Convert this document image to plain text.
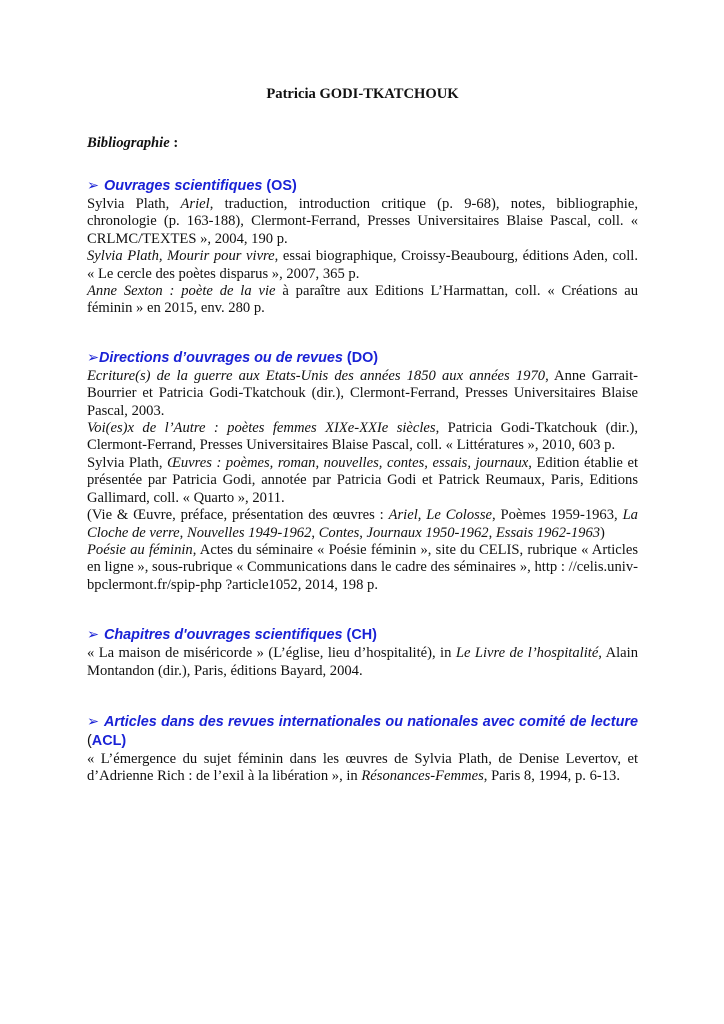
Patricia GODI-TKATCHOUK

Bibliographie :

➢ Ouvrages scientifiques (OS)

Sylvia Plath, Ariel, traduction, introduction critique (p. 9-68), notes, bibliographie, chronologie (p. 163-188), Clermont-Ferrand, Presses Universitaires Blaise Pascal, coll. « CRLMC/TEXTES », 2004, 190 p.

Sylvia Plath, Mourir pour vivre, essai biographique, Croissy-Beaubourg, éditions Aden, coll. « Le cercle des poètes disparus », 2007, 365 p.

Anne Sexton : poète de la vie à paraître aux Editions L’Harmattan, coll. « Créations au féminin » en 2015, env. 280 p.

➢Directions d’ouvrages ou de revues (DO)

Ecriture(s) de la guerre aux Etats-Unis des années 1850 aux années 1970, Anne Garrait-Bourrier et Patricia Godi-Tkatchouk (dir.), Clermont-Ferrand, Presses Universitaires Blaise Pascal, 2003.

Voi(es)x de l’Autre : poètes femmes XIXe-XXIe siècles, Patricia Godi-Tkatchouk (dir.), Clermont-Ferrand, Presses Universitaires Blaise Pascal, coll. « Littératures », 2010, 603 p.

Sylvia Plath, Œuvres : poèmes, roman, nouvelles, contes, essais, journaux, Edition établie et présentée par Patricia Godi, annotée par Patricia Godi et Patrick Reumaux, Paris, Editions Gallimard, coll. « Quarto », 2011.
(Vie & Œuvre, préface, présentation des œuvres : Ariel, Le Colosse, Poèmes 1959-1963, La Cloche de verre, Nouvelles 1949-1962, Contes, Journaux 1950-1962, Essais 1962-1963)

Poésie au féminin, Actes du séminaire « Poésie féminin », site du CELIS, rubrique « Articles en ligne », sous-rubrique « Communications dans le cadre des séminaires », http : //celis.univ-bpclermont.fr/spip-php ?article1052, 2014, 198 p.

➢ Chapitres d'ouvrages scientifiques (CH)

« La maison de miséricorde » (L’église, lieu d’hospitalité), in Le Livre de l’hospitalité, Alain Montandon (dir.), Paris, éditions Bayard, 2004.

➢ Articles dans des revues internationales ou nationales avec comité de lecture (ACL)

« L’émergence du sujet féminin dans les œuvres de Sylvia Plath, de Denise Levertov, et d’Adrienne Rich : de l’exil à la libération », in Résonances-Femmes, Paris 8, 1994, p. 6-13.
